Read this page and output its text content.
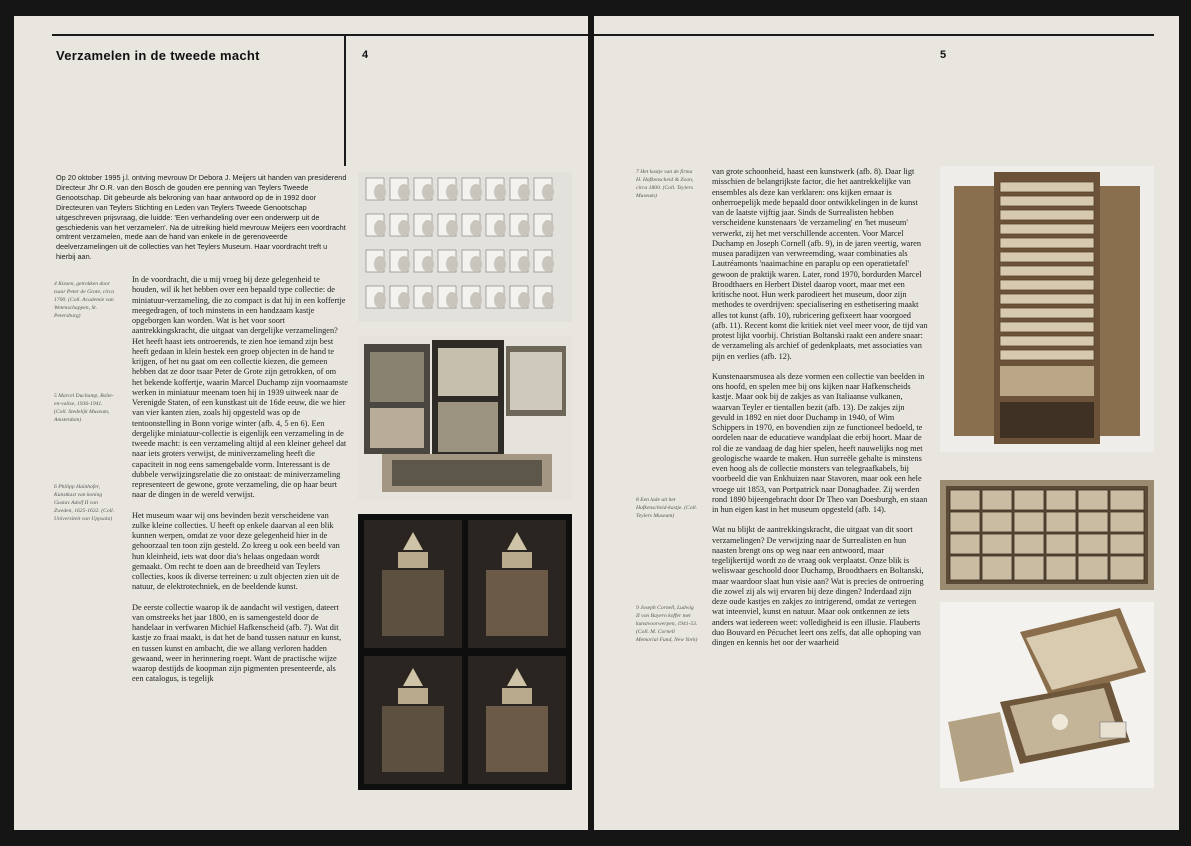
Verzamelen in de tweede macht	4
Op 20 oktober 1995 j.l. ontving mevrouw Dr Debora J. Meijers uit handen van presiderend Directeur Jhr O.R. van den Bosch de gouden ere penning van Teylers Tweede Genootschap. Dit gebeurde als bekroning van haar antwoord op de in 1992 door Directeuren van Teylers Stichting en Leden van Teylers Tweede Genootschap uitgeschreven prijsvraag, die luidde: 'Een verhandeling over een onderwerp uit de geschiedenis van het verzamelen'. Na de uitreiking hield mevrouw Meijers een voordracht omtrent verzamelen, mede aan de hand van enkele in de gerenoveerde deelverzamelingen uit de collecties van het Teylers Museum. Haar voordracht treft u hierbij aan.
4 Kiezen, getrokken door tsaar Peter de Grote, circa 1700. (Coll. Academie van Wetenschappen, St. Petersburg)
5 Marcel Duchamp, Boîte-en-valise, 1936-1941. (Coll. Stedelijk Museum, Amsterdam)
6 Philipp Hainhofer, Kunstkast van koning Gustav Adolf II van Zweden, 1625-1632. (Coll. Universiteit van Uppsala)

In de voordracht, die u mij vroeg bij deze gelegenheid te houden, wil ik het hebben over een bepaald type collectie: de miniatuur-verzameling, die zo compact is dat hij in een koffertje meegedragen, of toch minstens in een handzaam kastje opgeborgen kan worden. Wat is het voor soort aantrekkingskracht, die uitgaat van dergelijke verzamelingen? Het heeft haast iets ontroerends, te zien hoe iemand zijn best heeft gedaan in klein bestek een groep objecten in de hand te krijgen, of het nu gaat om een collectie kiezen, die gemeen hebben dat ze door tsaar Peter de Grote zijn getrokken, of om het bekende koffertje, waarin Marcel Duchamp zijn voornaamste werken in miniatuur meenam toen hij in 1939 uitweek naar de Verenigde Staten, of een kunstkast uit de 16de eeuw, die we hier van vier kanten zien, zoals hij opgesteld was op de tentoonstelling in Bonn vorige winter (afb. 4, 5 en 6). Een dergelijke miniatuur-collectie is eigenlijk een verzameling in de tweede macht: is een verzameling altijd al een kleiner geheel dat naar iets groters verwijst, de miniverzameling heeft die capaciteit in nog eens samengebalde vorm. Interessant is de dubbele verwijzingsrelatie die zo ontstaat: de miniverzameling representeert de gewone, grote verzameling, die op haar beurt naar de dingen in de wereld verwijst.

Het museum waar wij ons bevinden bezit verscheidene van zulke kleine collecties. U heeft op enkele daarvan al een blik kunnen werpen, omdat ze voor deze gelegenheid hier in de gehoorzaal ten toon zijn gesteld. Zo kreeg u ook een beeld van hun kleinheid, iets wat door dia's helaas ongedaan wordt gemaakt. Om recht te doen aan de breedheid van Teylers collecties, koos ik diverse terreinen: u zult objecten zien uit de natuur, de elektrotechniek, en de beeldende kunst.

De eerste collectie waarop ik de aandacht wil vestigen, dateert van omstreeks het jaar 1800, en is samengesteld door de handelaar in verfwaren Michiel Hafkenscheid (afb. 7). Wat dit kastje zo fraai maakt, is dat het de band tussen natuur en kunst, en tussen kunst en ambacht, die we allang verloren hadden gewaand, weer in herinnering roept. Want de practische wijze waarop destijds de koopman zijn pigmenten presenteerde, als een catalogus, is tegelijk

5
7 Het kastje van de firma H. Hafkenscheid & Zoon, circa 1800. (Coll. Teylers Museum)
8 Een lade uit het Hafkenscheid-kastje. (Coll. Teylers Museum)
9 Joseph Cornell, Ludwig II von Bayern koffer met kunstvoorwerpen, 1941-53. (Coll. M. Cornell Memorial Fund, New York)

van grote schoonheid, haast een kunstwerk (afb. 8). Daar ligt misschien de belangrijkste factor, die het aantrekkelijke van ensembles als deze kan verklaren: ons kijken ernaar is onherroepelijk mede bepaald door ontwikkelingen in de kunst van de laatste vijftig jaar. Sinds de Surrealisten hebben verscheidene kunstenaars 'de verzameling' en 'het museum' verwerkt, zij het met verschillende accenten. Voor Marcel Duchamp en Joseph Cornell (afb. 9), in de jaren veertig, waren musea paradijzen van verwreemding, waar combinaties als Lautréamonts 'naaimachine en paraplu op een operatietafel' gewoon de praktijk waren. Later, rond 1970, bordurden Marcel Broodthaers en Herbert Distel daarop voort, maar met een kritische noot. Hun werk parodieert het museum, door zijn methodes te overdrijven: specialisering en esthetisering maakt alles tot kunst (afb. 10), rubricering gefixeert haar voorgoed (afb. 11). Recent komt die kritiek niet veel meer voor, de tijd van protest lijkt voorbij. Christian Boltanski raakt een andere snaar: de verzameling als archief of gedenkplaats, met associaties van pijn en verlies (afb. 12).

Kunstenaarsmusea als deze vormen een collectie van beelden in ons hoofd, en spelen mee bij ons kijken naar Hafkenscheids kastje. Maar ook bij de zakjes as van Italiaanse vulkanen, waarvan Teyler er tientallen bezit (afb. 13). De zakjes zijn gevuld in 1892 en niet door Duchamp in 1940, of Wim Schippers in 1970, en bovendien zijn ze functioneel bedoeld, te oordelen naar de educatieve wandplaat die erbij hoort. Maar de rol die ze vandaag de dag hier spelen, heeft nauwelijks nog met geologische waarde te maken. Hun surreële gehalte is minstens even hoog als de collectie monsters van telegraafkabels, bij voorbeeld die van Enkhuizen naar Stavoren, maar ook een hele vroege uit 1853, van Portpatrick naar Donaghadee. Zij werden rond 1890 bijeengebracht door Dr Theo van Doesburgh, en staan in hun eigen kast in het museum opgesteld (afb. 14).

Wat nu blijkt de aantrekkingskracht, die uitgaat van dit soort verzamelingen? De verwijzing naar de Surrealisten en hun naasten brengt ons op weg naar een antwoord, maar tegelijkertijd wordt zo de vraag ook verplaatst. Onze blik is weliswaar geschoold door Duchamp, Broodthaers en Boltanski, maar waardoor slaat hun visie aan? Wat is precies de ontroering die zowel zij als wij ervaren bij deze dingen? Inderdaad zijn deze oude kastjes en zakjes zo intrigerend, omdat ze vertegen wat inteenviel, kunst en natuur. Maar ook ontkennen ze iets anders wat iedereen weet: volledigheid is een illusie. Flauberts duo Bouvard en Pécuchet leert ons zelfs, dat alle ophoping van dingen en kennis het oor der waarheid
